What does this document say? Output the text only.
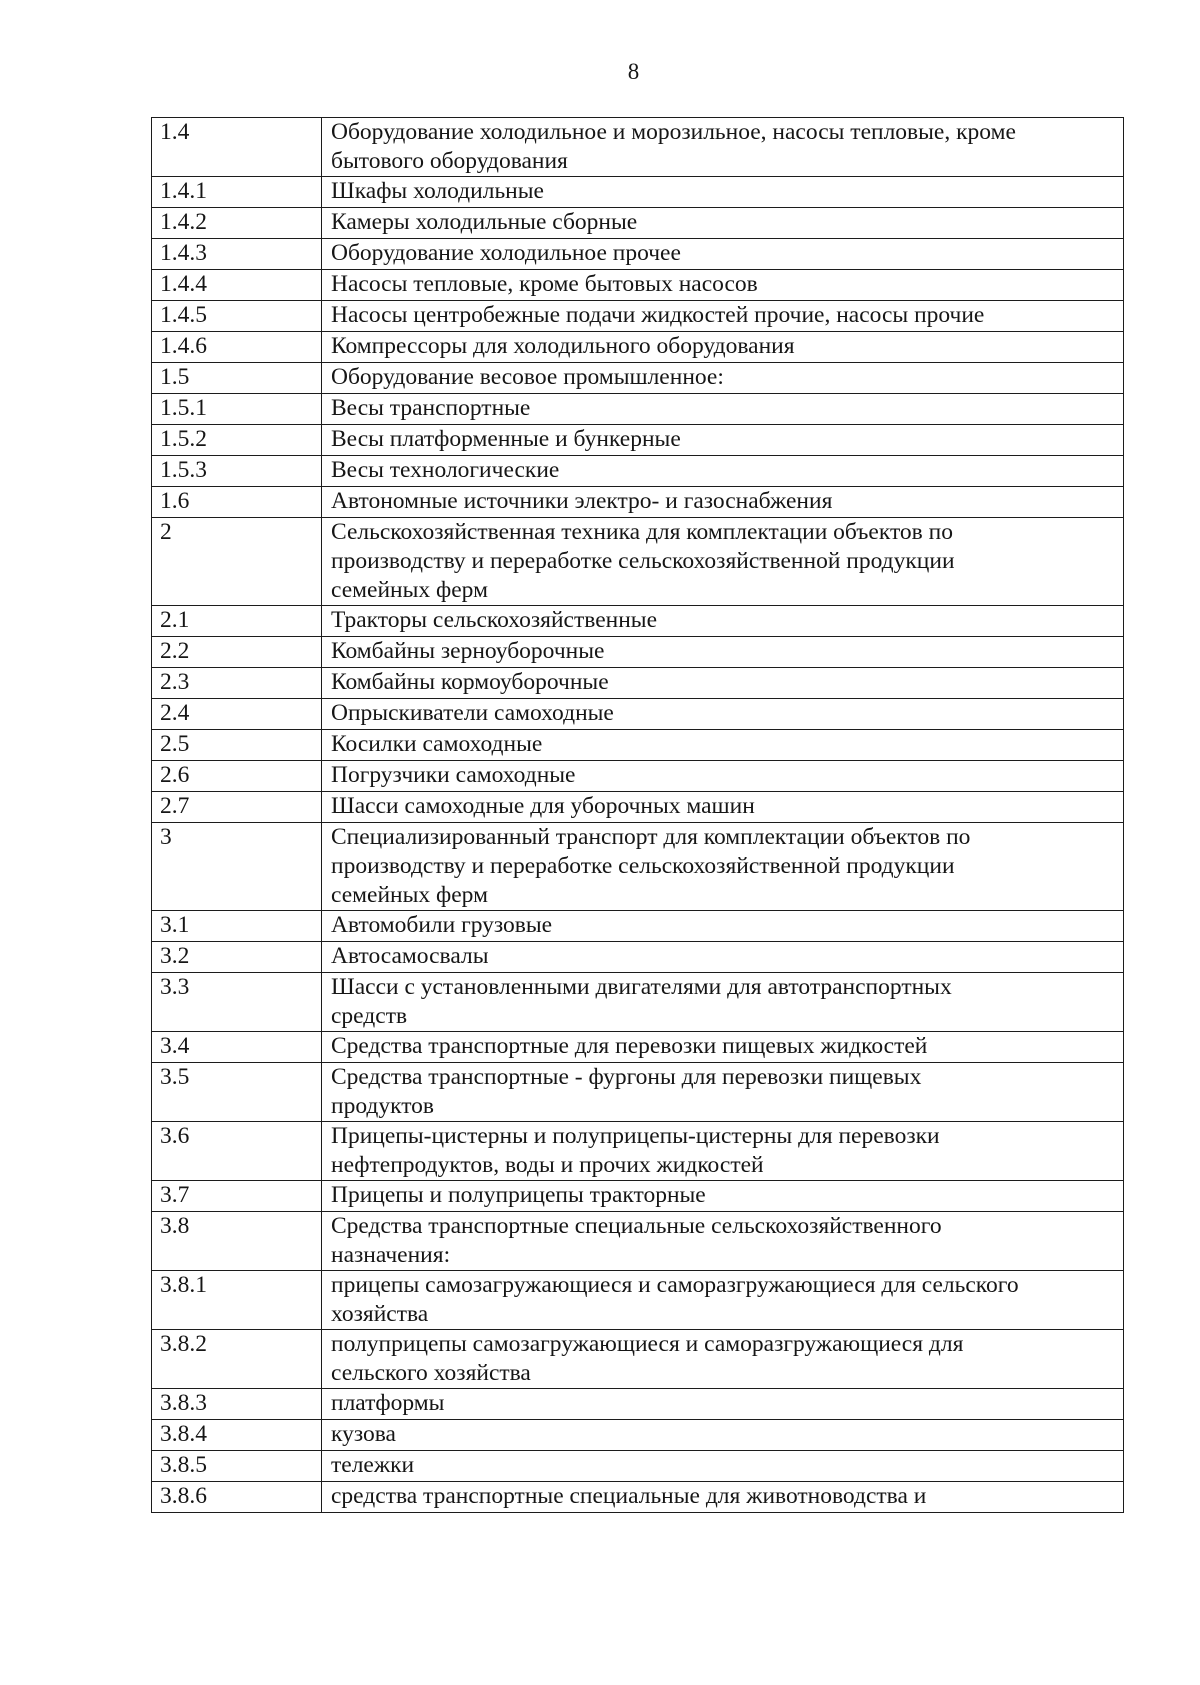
8
1.4	Оборудование холодильное и морозильное, насосы тепловые, кроме
бытового оборудования
1.4.1	Шкафы холодильные
1.4.2	Камеры холодильные сборные
1.4.3	Оборудование холодильное прочее
1.4.4	Насосы тепловые, кроме бытовых насосов
1.4.5	Насосы центробежные подачи жидкостей прочие, насосы прочие
1.4.6	Компрессоры для холодильного оборудования
1.5	Оборудование весовое промышленное:
1.5.1	Весы транспортные
1.5.2	Весы платформенные и бункерные
1.5.3	Весы технологические
1.6	Автономные источники электро- и газоснабжения
2	Сельскохозяйственная техника для комплектации объектов по
производству и переработке сельскохозяйственной продукции
семейных ферм
2.1	Тракторы сельскохозяйственные
2.2	Комбайны зерноуборочные
2.3	Комбайны кормоуборочные
2.4	Опрыскиватели самоходные
2.5	Косилки самоходные
2.6	Погрузчики самоходные
2.7	Шасси самоходные для уборочных машин
3	Специализированный транспорт для комплектации объектов по
производству и переработке сельскохозяйственной продукции
семейных ферм
3.1	Автомобили грузовые
3.2	Автосамосвалы
3.3	Шасси с установленными двигателями для автотранспортных
средств
3.4	Средства транспортные для перевозки пищевых жидкостей
3.5	Средства транспортные - фургоны для перевозки пищевых
продуктов
3.6	Прицепы-цистерны и полуприцепы-цистерны для перевозки
нефтепродуктов, воды и прочих жидкостей
3.7	Прицепы и полуприцепы тракторные
3.8	Средства транспортные специальные сельскохозяйственного
назначения:
3.8.1	прицепы самозагружающиеся и саморазгружающиеся для сельского
хозяйства
3.8.2	полуприцепы самозагружающиеся и саморазгружающиеся для
сельского хозяйства
3.8.3	платформы
3.8.4	кузова
3.8.5	тележки
3.8.6	средства транспортные специальные для животноводства и
